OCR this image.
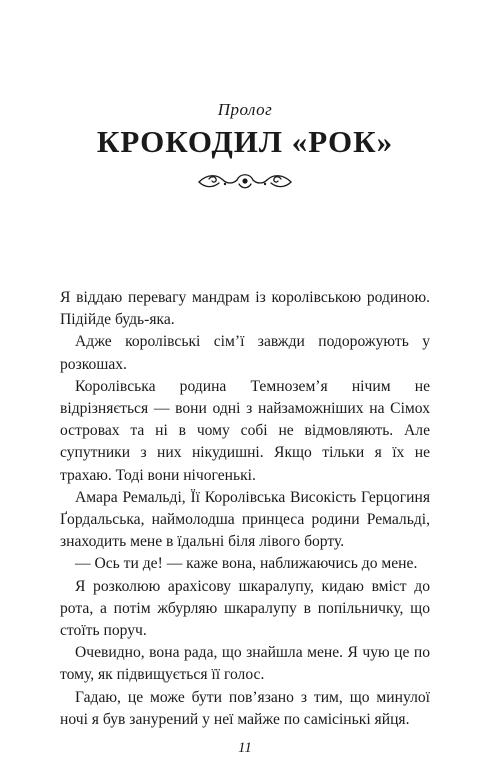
Пролог
КРОКОДИЛ «РОК»

Я віддаю перевагу мандрам із королівською родиною. Підійде будь-яка.

Адже королівські сім’ї завжди подорожують у розкошах.

Королівська родина Темнозем’я нічим не відрізняється — вони одні з найзаможніших на Сімох островах та ні в чому собі не відмовляють. Але супутники з них нікудишні. Якщо тільки я їх не трахаю. Тоді вони нічогенькі.

Амара Ремальді, Її Королівська Високість Герцогиня Ґордальська, наймолодша принцеса родини Ремальді, знаходить мене в їдальні біля лівого борту.

— Ось ти де! — каже вона, наближаючись до мене.

Я розколюю арахісову шкаралупу, кидаю вміст до рота, а потім жбурляю шкаралупу в попільничку, що стоїть поруч.

Очевидно, вона рада, що знайшла мене. Я чую це по тому, як підвищується її голос.

Гадаю, це може бути пов’язано з тим, що минулої ночі я був занурений у неї майже по самісінькі яйця.

11
